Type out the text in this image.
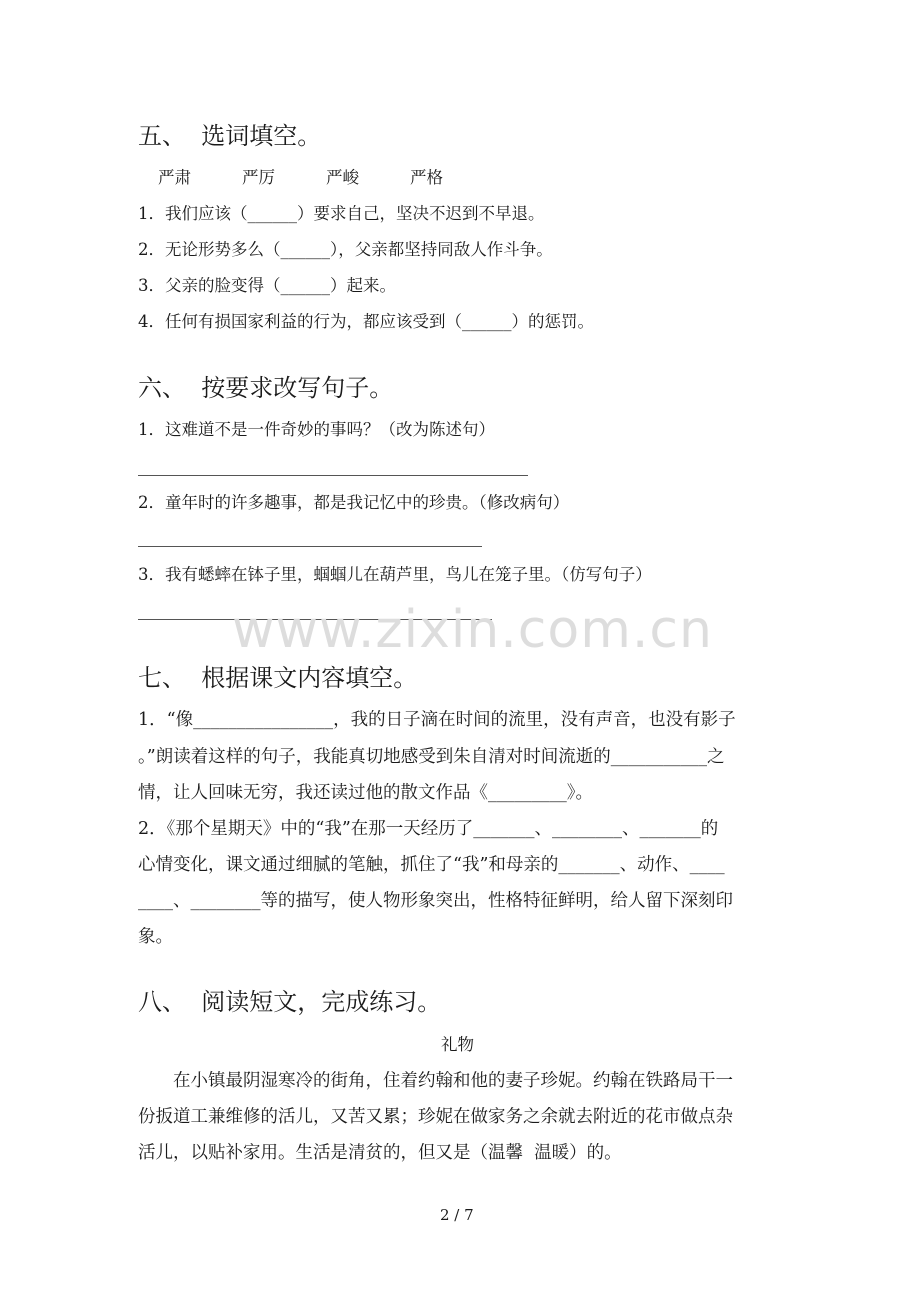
五、  选词填空。
严肃	严厉	严峻	严格
1．我们应该（______）要求自己，坚决不迟到不早退。
2．无论形势多么（______），父亲都坚持同敌人作斗争。
3．父亲的脸变得（______）起来。
4．任何有损国家利益的行为，都应该受到（______）的惩罚。
六、  按要求改写句子。
1．这难道不是一件奇妙的事吗？（改为陈述句）
2．童年时的许多趣事，都是我记忆中的珍贵。（修改病句）
3．我有蟋蟀在钵子里，蝈蝈儿在葫芦里，鸟儿在笼子里。（仿写句子）
www.zixin.com.cn
七、  根据课文内容填空。
1．“像________________，我的日子滴在时间的流里，没有声音，也没有影子
。”朗读着这样的句子，我能真切地感受到朱自清对时间流逝的___________之
情，让人回味无穷，我还读过他的散文作品《_________》。
2．《那个星期天》中的“我”在那一天经历了_______、________、_______的
心情变化，课文通过细腻的笔触，抓住了“我”和母亲的_______、动作、____
____、________等的描写，使人物形象突出，性格特征鲜明，给人留下深刻印
象。
八、  阅读短文，完成练习。
礼物
在小镇最阴湿寒冷的街角，住着约翰和他的妻子珍妮。约翰在铁路局干一
份扳道工兼维修的活儿，又苦又累；珍妮在做家务之余就去附近的花市做点杂
活儿，以贴补家用。生活是清贫的，但又是（温馨  温暖）的。
2 / 7
